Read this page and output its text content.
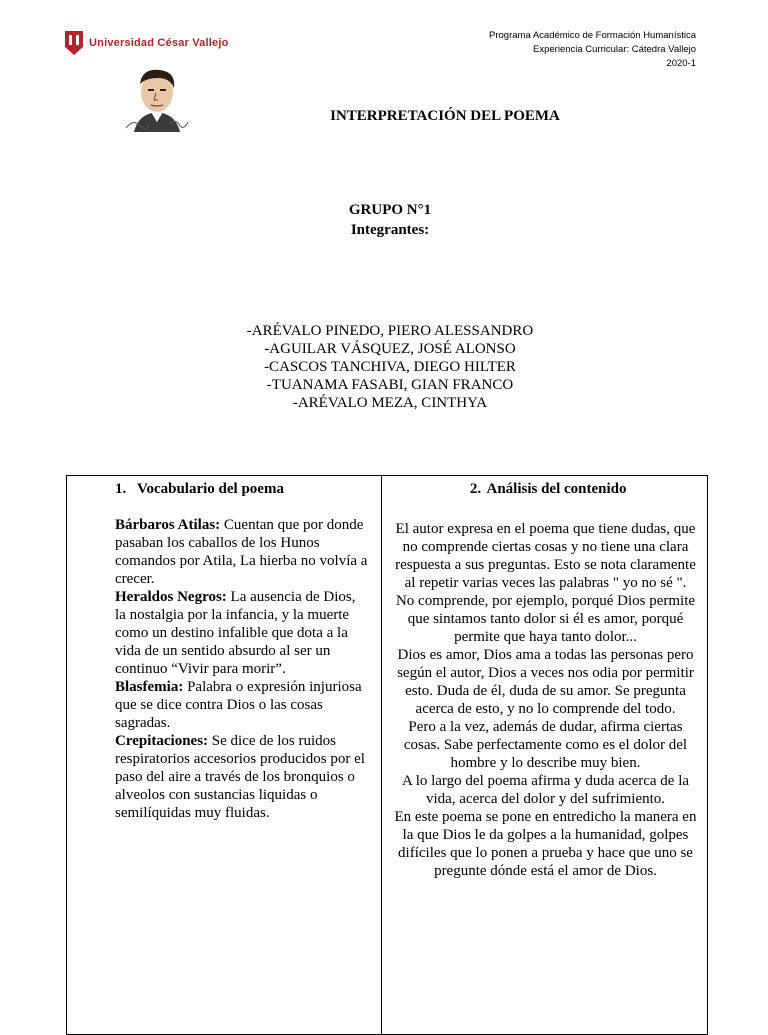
Universidad César Vallejo
Programa Académico de Formación Humanística
Experiencia Curricular: Cátedra Vallejo
2020-1
INTERPRETACIÓN DEL POEMA
GRUPO N°1
Integrantes:
-ARÉVALO PINEDO, PIERO ALESSANDRO
-AGUILAR VÁSQUEZ, JOSÉ ALONSO
-CASCOS TANCHIVA, DIEGO HILTER
-TUANAMA FASABI, GIAN FRANCO
-ARÉVALO MEZA, CINTHYA
1. Vocabulario del poema
Bárbaros Atilas: Cuentan que por donde pasaban los caballos de los Hunos comandos por Atila, La hierba no volvía a crecer.
Heraldos Negros: La ausencia de Dios, la nostalgia por la infancia, y la muerte como un destino infalible que dota a la vida de un sentido absurdo al ser un continuo “Vivir para morir”.
Blasfemia: Palabra o expresión injuriosa que se dice contra Dios o las cosas sagradas.
Crepitaciones: Se dice de los ruidos respiratorios accesorios producidos por el paso del aire a través de los bronquios o alveolos con sustancias liquidas o semilíquidas muy fluidas.
2. Análisis del contenido

El autor expresa en el poema que tiene dudas, que no comprende ciertas cosas y no tiene una clara respuesta a sus preguntas. Esto se nota claramente al repetir varias veces las palabras " yo no sé ".

No comprende, por ejemplo, porqué Dios permite que sintamos tanto dolor si él es amor, porqué permite que haya tanto dolor...

Dios es amor, Dios ama a todas las personas pero según el autor, Dios a veces nos odia por permitir esto. Duda de él, duda de su amor. Se pregunta acerca de esto, y no lo comprende del todo.

Pero a la vez, además de dudar, afirma ciertas cosas. Sabe perfectamente como es el dolor del hombre y lo describe muy bien.

A lo largo del poema afirma y duda acerca de la vida, acerca del dolor y del sufrimiento.

En este poema se pone en entredicho la manera en la que Dios le da golpes a la humanidad, golpes difíciles que lo ponen a prueba y hace que uno se pregunte dónde está el amor de Dios.
